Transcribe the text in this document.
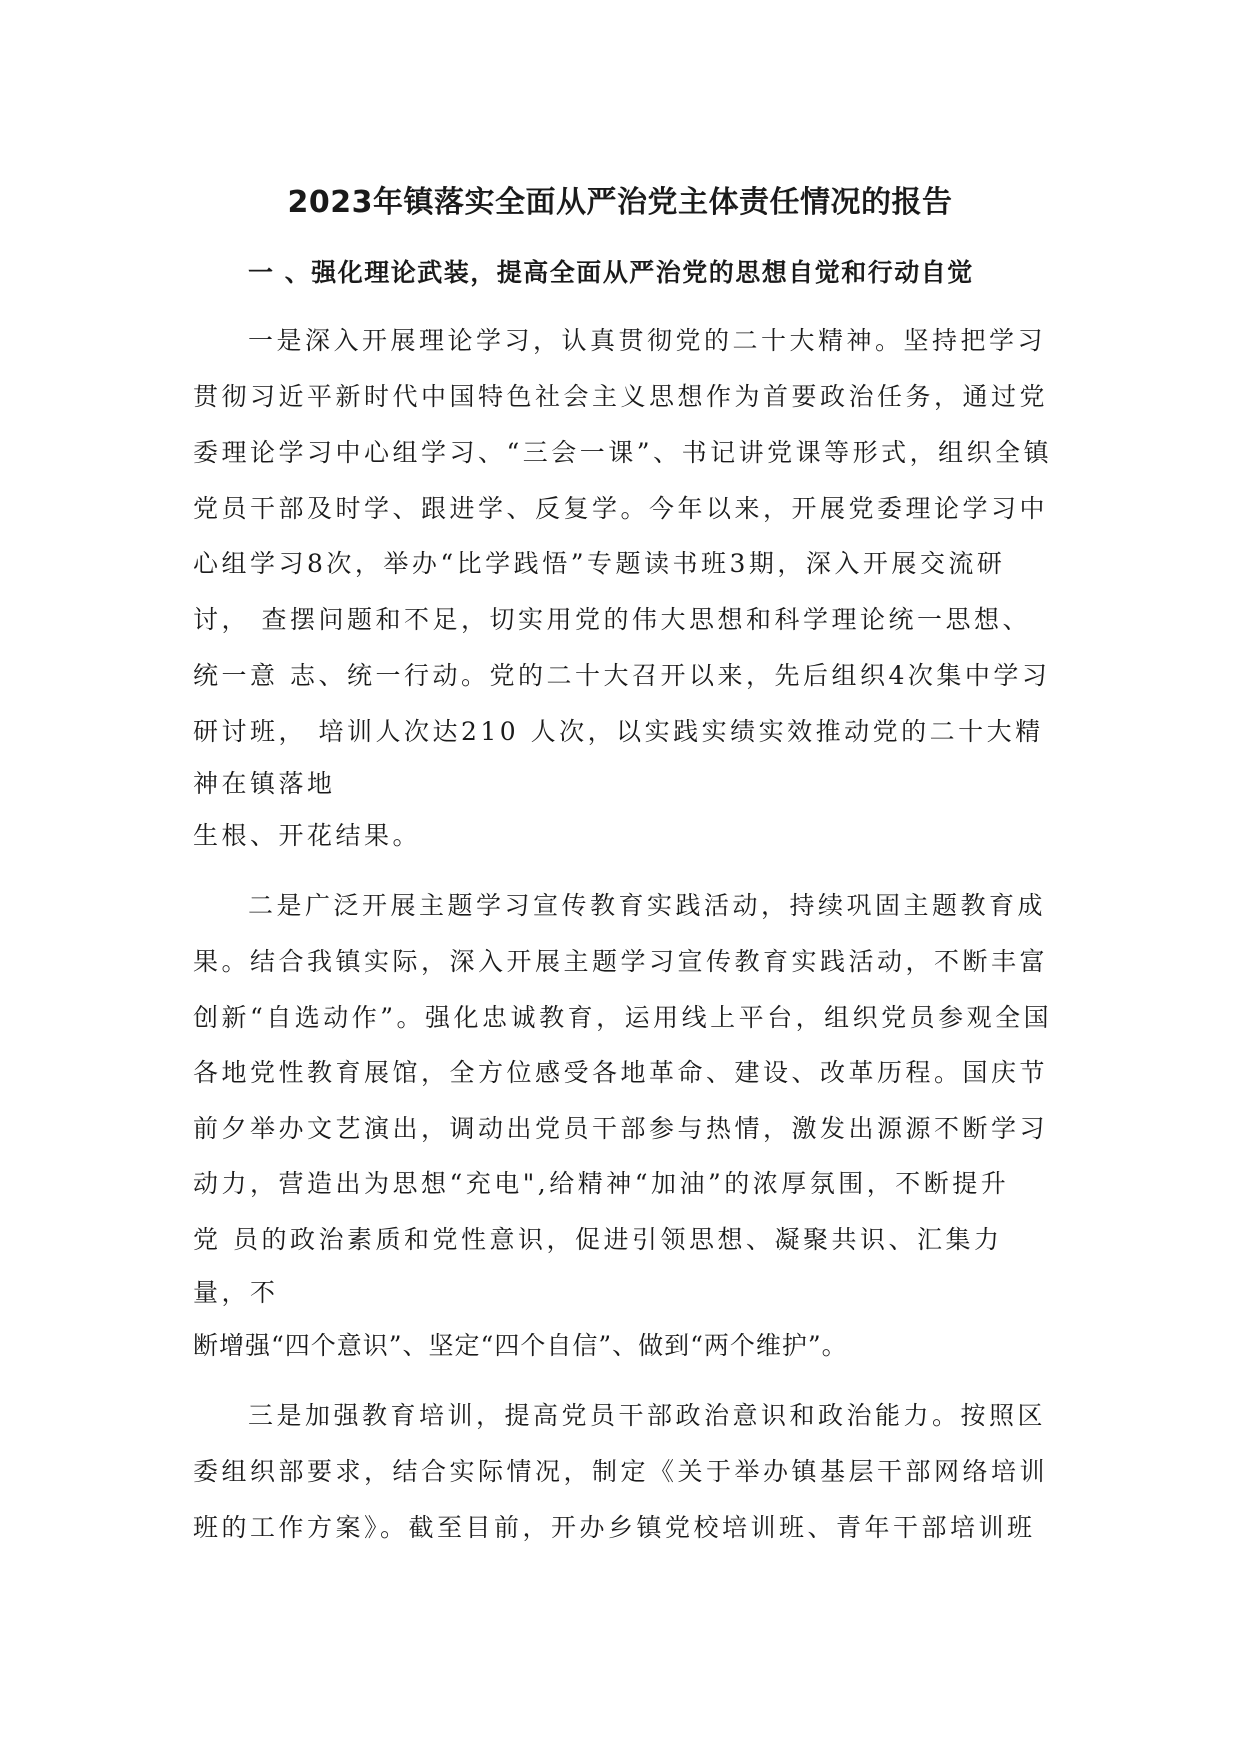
2023年镇落实全面从严治党主体责任情况的报告
一 、强化理论武装，提高全面从严治党的思想自觉和行动自觉
一是深入开展理论学习，认真贯彻党的二十大精神。坚持把学习
贯彻习近平新时代中国特色社会主义思想作为首要政治任务，通过党
委理论学习中心组学习、“三会一课”、书记讲党课等形式，组织全镇
党员干部及时学、跟进学、反复学。今年以来，开展党委理论学习中
心组学习8次，举办“比学践悟”专题读书班3期，深入开展交流研
讨， 查摆问题和不足，切实用党的伟大思想和科学理论统一思想、
统一意 志、统一行动。党的二十大召开以来，先后组织4次集中学习
研讨班， 培训人次达210 人次，以实践实绩实效推动党的二十大精
神在镇落地
生根、开花结果。
二是广泛开展主题学习宣传教育实践活动，持续巩固主题教育成
果。结合我镇实际，深入开展主题学习宣传教育实践活动，不断丰富
创新“自选动作”。强化忠诚教育，运用线上平台，组织党员参观全国
各地党性教育展馆，全方位感受各地革命、建设、改革历程。国庆节
前夕举办文艺演出，调动出党员干部参与热情，激发出源源不断学习
动力，营造出为思想“充电",给精神“加油”的浓厚氛围，不断提升
党 员的政治素质和党性意识，促进引领思想、凝聚共识、汇集力
量，不
断增强“四个意识”、坚定“四个自信”、做到“两个维护”。
三是加强教育培训，提高党员干部政治意识和政治能力。按照区
委组织部要求，结合实际情况，制定《关于举办镇基层干部网络培训
班的工作方案》。截至目前，开办乡镇党校培训班、青年干部培训班
